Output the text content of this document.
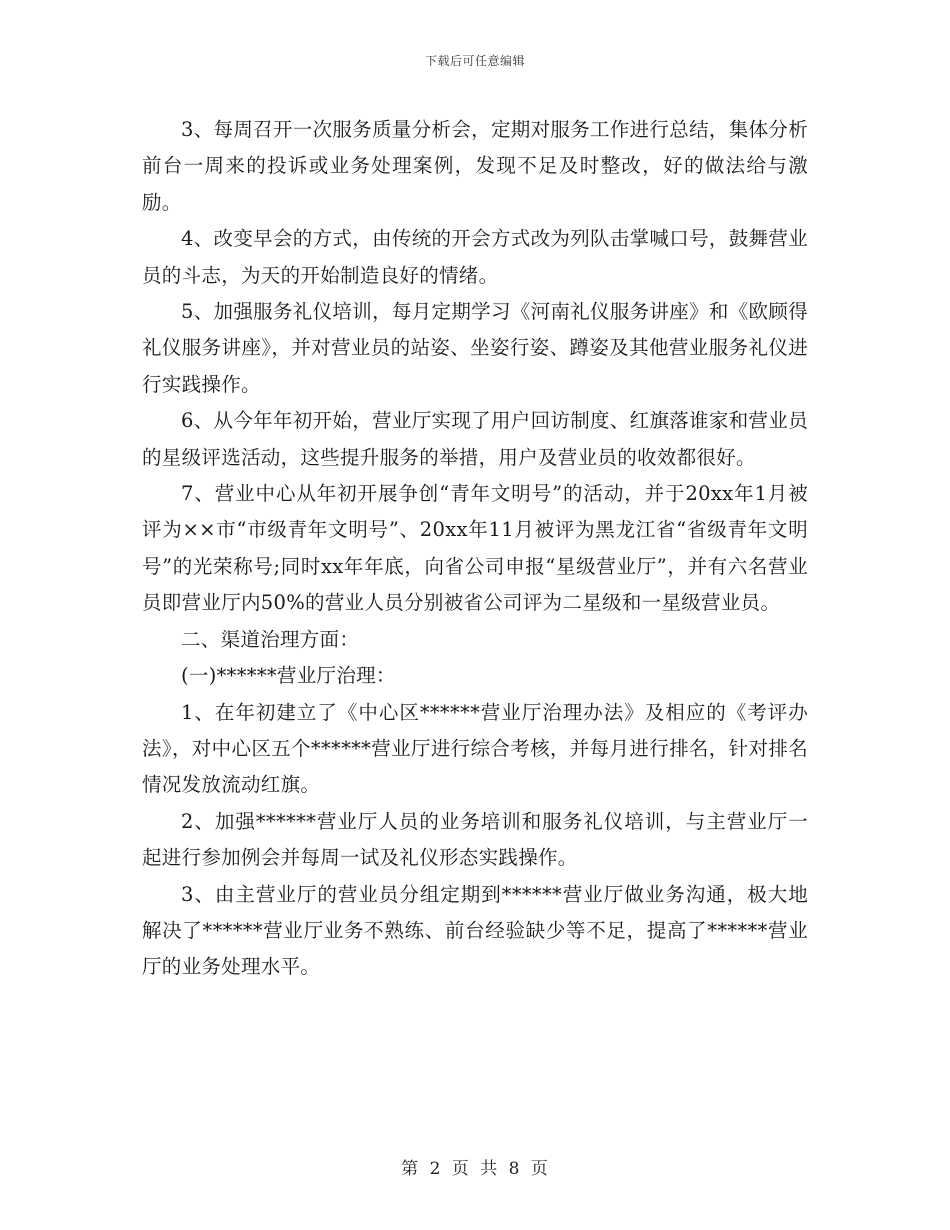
下载后可任意编辑

3、每周召开一次服务质量分析会，定期对服务工作进行总结，集体分析前台一周来的投诉或业务处理案例，发现不足及时整改，好的做法给与激励。

4、改变早会的方式，由传统的开会方式改为列队击掌喊口号，鼓舞营业员的斗志，为天的开始制造良好的情绪。

5、加强服务礼仪培训，每月定期学习《河南礼仪服务讲座》和《欧顾得礼仪服务讲座》，并对营业员的站姿、坐姿行姿、蹲姿及其他营业服务礼仪进行实践操作。

6、从今年年初开始，营业厅实现了用户回访制度、红旗落谁家和营业员的星级评选活动，这些提升服务的举措，用户及营业员的收效都很好。

7、营业中心从年初开展争创“青年文明号”的活动，并于20xx年1月被评为××市“市级青年文明号”、20xx年11月被评为黑龙江省“省级青年文明号”的光荣称号;同时xx年年底，向省公司申报“星级营业厅”，并有六名营业员即营业厅内50%的营业人员分别被省公司评为二星级和一星级营业员。

二、渠道治理方面：

(一)******营业厅治理：

1、在年初建立了《中心区******营业厅治理办法》及相应的《考评办法》，对中心区五个******营业厅进行综合考核，并每月进行排名，针对排名情况发放流动红旗。

2、加强******营业厅人员的业务培训和服务礼仪培训，与主营业厅一起进行参加例会并每周一试及礼仪形态实践操作。

3、由主营业厅的营业员分组定期到******营业厅做业务沟通，极大地解决了******营业厅业务不熟练、前台经验缺少等不足，提高了******营业厅的业务处理水平。

第 2 页 共 8 页
